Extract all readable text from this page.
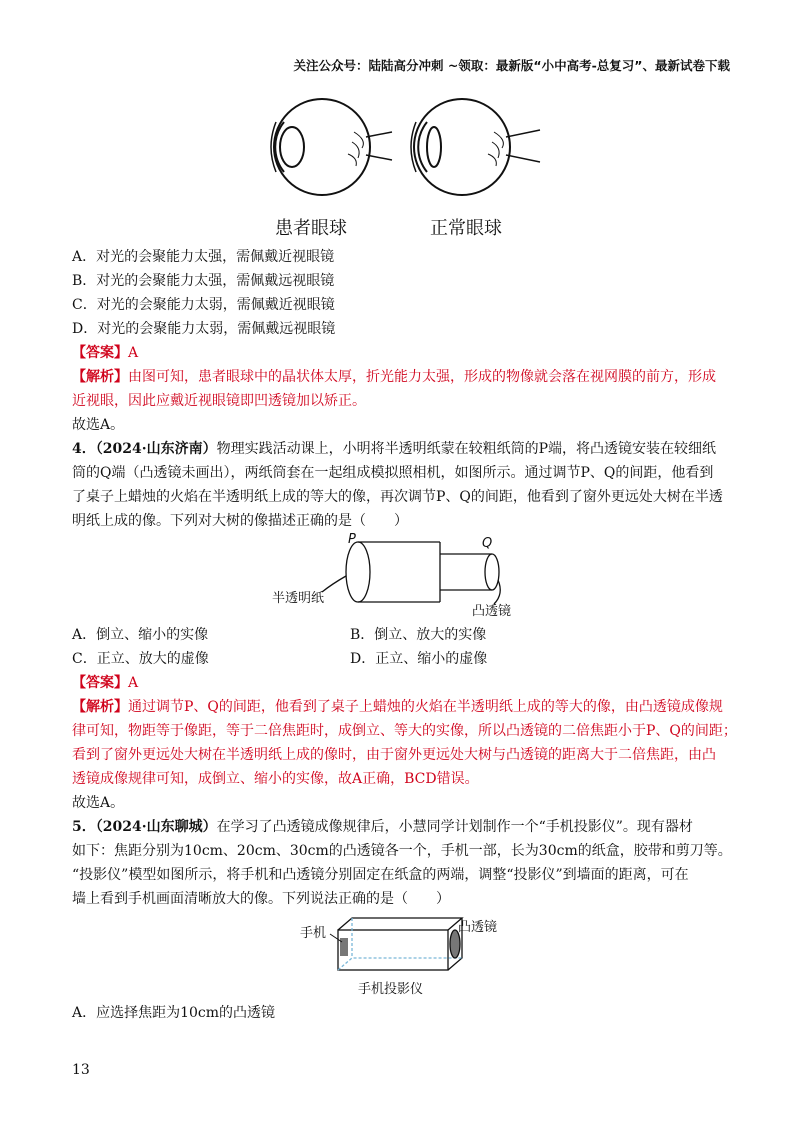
关注公众号：陆陆高分冲刺 ~领取：最新版“小中高考-总复习”、最新试卷下载
患者眼球	正常眼球
A．对光的会聚能力太强，需佩戴近视眼镜
B．对光的会聚能力太强，需佩戴远视眼镜
C．对光的会聚能力太弱，需佩戴近视眼镜
D．对光的会聚能力太弱，需佩戴远视眼镜
【答案】A
【解析】由图可知，患者眼球中的晶状体太厚，折光能力太强，形成的物像就会落在视网膜的前方，形成
近视眼，因此应戴近视眼镜即凹透镜加以矫正。
故选A。
4．（2024·山东济南）物理实践活动课上，小明将半透明纸蒙在较粗纸筒的P端，将凸透镜安装在较细纸
筒的Q端（凸透镜未画出），两纸筒套在一起组成模拟照相机，如图所示。通过调节P、Q的间距，他看到
了桌子上蜡烛的火焰在半透明纸上成的等大的像，再次调节P、Q的间距，他看到了窗外更远处大树在半透
明纸上成的像。下列对大树的像描述正确的是（　　）
P	Q
半透明纸
凸透镜
A．倒立、缩小的实像	B．倒立、放大的实像
C．正立、放大的虚像	D．正立、缩小的虚像
【答案】A
【解析】通过调节P、Q的间距，他看到了桌子上蜡烛的火焰在半透明纸上成的等大的像，由凸透镜成像规
律可知，物距等于像距，等于二倍焦距时，成倒立、等大的实像，所以凸透镜的二倍焦距小于P、Q的间距；
看到了窗外更远处大树在半透明纸上成的像时，由于窗外更远处大树与凸透镜的距离大于二倍焦距，由凸
透镜成像规律可知，成倒立、缩小的实像，故A正确，BCD错误。
故选A。
5．（2024·山东聊城）在学习了凸透镜成像规律后，小慧同学计划制作一个“手机投影仪”。现有器材
如下：焦距分别为10cm、20cm、30cm的凸透镜各一个，手机一部，长为30cm的纸盒，胶带和剪刀等。
“投影仪”模型如图所示，将手机和凸透镜分别固定在纸盒的两端，调整“投影仪”到墙面的距离，可在
墙上看到手机画面清晰放大的像。下列说法正确的是（　　）
手机	凸透镜
手机投影仪
A．应选择焦距为10cm的凸透镜
13
